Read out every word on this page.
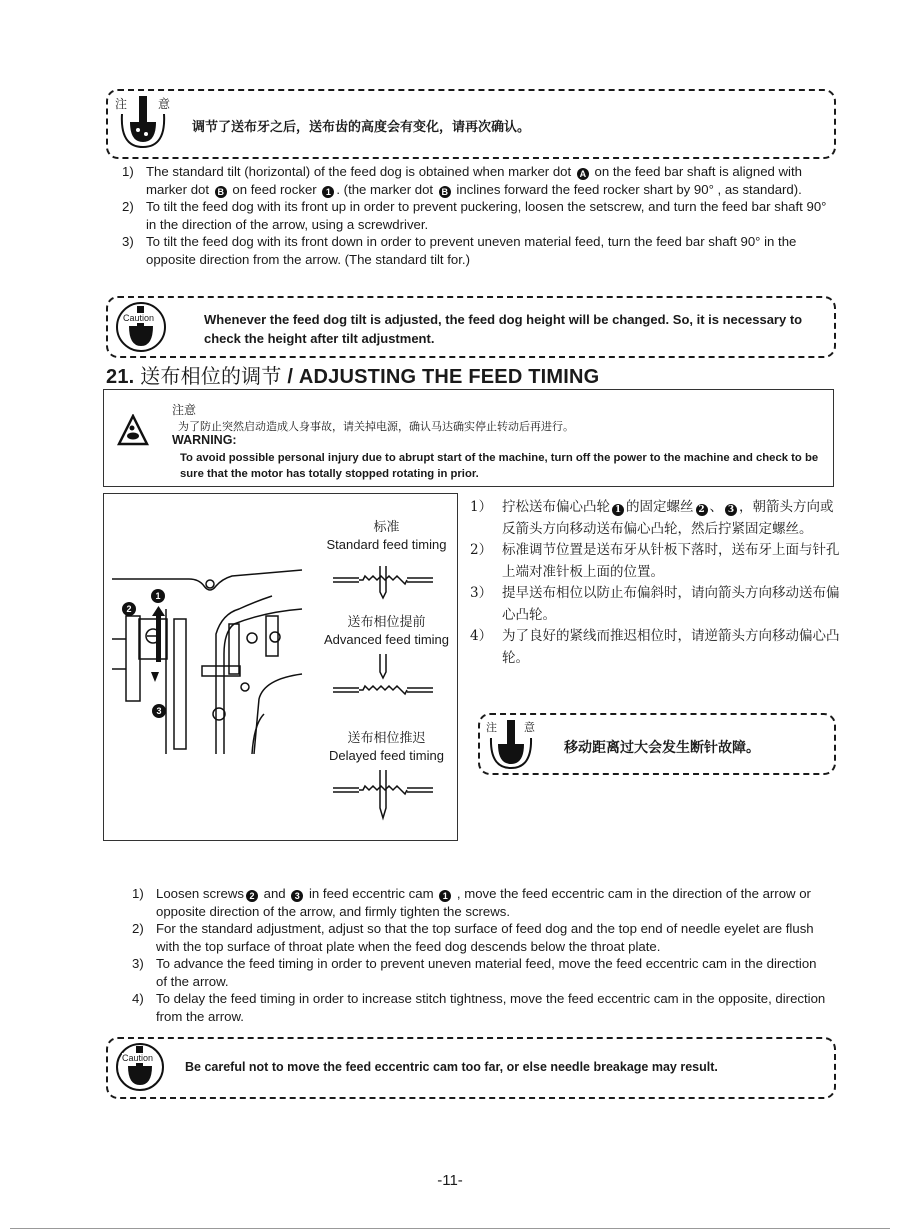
注	意
调节了送布牙之后，送布齿的高度会有变化，请再次确认。
1) The standard tilt (horizontal) of the feed dog is obtained when marker dot A on the feed bar shaft is aligned with marker dot B on feed rocker 1 . (the marker dot B inclines forward the feed rocker shart by 90° , as standard).
2) To tilt the feed dog with its front up in order to prevent puckering, loosen the setscrew, and turn the feed bar shaft 90° in the direction of the arrow, using a screwdriver.
3) To tilt the feed dog with its front down in order to prevent uneven material feed, turn the feed bar shaft 90° in the opposite direction from the arrow. (The standard tilt for.)
Caution	Whenever the feed dog tilt is adjusted, the feed dog height will be changed. So, it is necessary to check the height after tilt adjustment.
21. 送布相位的调节 / ADJUSTING THE FEED TIMING
注意
为了防止突然启动造成人身事故，请关掉电源，确认马达确实停止转动后再进行。
WARNING:
To avoid possible personal injury due to abrupt start of the machine, turn off the power to the machine and check to be sure that the motor has totally stopped rotating in prior.
1
2
3
标准
Standard feed timing
送布相位提前
Advanced feed timing
送布相位推迟
Delayed feed timing
1） 拧松送布偏心凸轮 1 的固定螺丝 2 、 3 ，朝箭头方向或反箭头方向移动送布偏心凸轮，然后拧紧固定螺丝。
2） 标准调节位置是送布牙从针板下落时，送布牙上面与针孔上端对准针板上面的位置。
3） 提早送布相位以防止布偏斜时，请向箭头方向移动送布偏心凸轮。
4） 为了良好的紧线而推迟相位时，请逆箭头方向移动偏心凸轮。
注 意
移动距离过大会发生断针故障。
1) Loosen screws 2 and 3 in feed eccentric cam 1 , move the feed eccentric cam in the direction of the arrow or opposite direction of the arrow, and firmly tighten the screws.
2) For the standard adjustment, adjust so that the top surface of feed dog and the top end of needle eyelet are flush with the top surface of throat plate when the feed dog descends below the throat plate.
3) To advance the feed timing in order to prevent uneven material feed, move the feed eccentric cam in the direction of the arrow.
4) To delay the feed timing in order to increase stitch tightness, move the feed eccentric cam in the opposite, direction from the arrow.
Caution
Be careful not to move the feed eccentric cam too far, or else needle breakage may result.
-11-
